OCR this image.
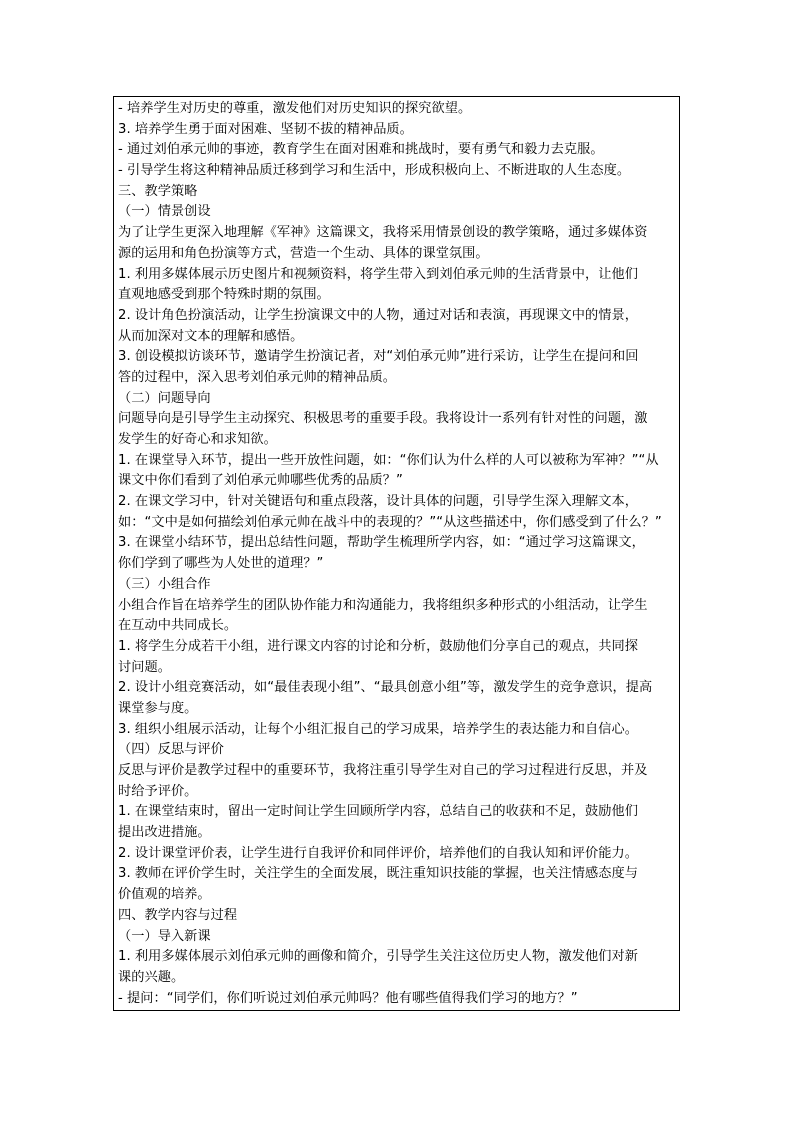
- 培养学生对历史的尊重，激发他们对历史知识的探究欲望。
3. 培养学生勇于面对困难、坚韧不拔的精神品质。
- 通过刘伯承元帅的事迹，教育学生在面对困难和挑战时，要有勇气和毅力去克服。
- 引导学生将这种精神品质迁移到学习和生活中，形成积极向上、不断进取的人生态度。
三、教学策略
（一）情景创设
为了让学生更深入地理解《军神》这篇课文，我将采用情景创设的教学策略，通过多媒体资
源的运用和角色扮演等方式，营造一个生动、具体的课堂氛围。
1. 利用多媒体展示历史图片和视频资料，将学生带入到刘伯承元帅的生活背景中，让他们
直观地感受到那个特殊时期的氛围。
2. 设计角色扮演活动，让学生扮演课文中的人物，通过对话和表演，再现课文中的情景，
从而加深对文本的理解和感悟。
3. 创设模拟访谈环节，邀请学生扮演记者，对“刘伯承元帅”进行采访，让学生在提问和回
答的过程中，深入思考刘伯承元帅的精神品质。
（二）问题导向
问题导向是引导学生主动探究、积极思考的重要手段。我将设计一系列有针对性的问题，激
发学生的好奇心和求知欲。
1. 在课堂导入环节，提出一些开放性问题，如：“你们认为什么样的人可以被称为军神？”“从
课文中你们看到了刘伯承元帅哪些优秀的品质？”
2. 在课文学习中，针对关键语句和重点段落，设计具体的问题，引导学生深入理解文本，
如：“文中是如何描绘刘伯承元帅在战斗中的表现的？”“从这些描述中，你们感受到了什么？”
3. 在课堂小结环节，提出总结性问题，帮助学生梳理所学内容，如：“通过学习这篇课文，
你们学到了哪些为人处世的道理？”
（三）小组合作
小组合作旨在培养学生的团队协作能力和沟通能力，我将组织多种形式的小组活动，让学生
在互动中共同成长。
1. 将学生分成若干小组，进行课文内容的讨论和分析，鼓励他们分享自己的观点，共同探
讨问题。
2. 设计小组竞赛活动，如“最佳表现小组”、“最具创意小组”等，激发学生的竞争意识，提高
课堂参与度。
3. 组织小组展示活动，让每个小组汇报自己的学习成果，培养学生的表达能力和自信心。
（四）反思与评价
反思与评价是教学过程中的重要环节，我将注重引导学生对自己的学习过程进行反思，并及
时给予评价。
1. 在课堂结束时，留出一定时间让学生回顾所学内容，总结自己的收获和不足，鼓励他们
提出改进措施。
2. 设计课堂评价表，让学生进行自我评价和同伴评价，培养他们的自我认知和评价能力。
3. 教师在评价学生时，关注学生的全面发展，既注重知识技能的掌握，也关注情感态度与
价值观的培养。
四、教学内容与过程
（一）导入新课
1. 利用多媒体展示刘伯承元帅的画像和简介，引导学生关注这位历史人物，激发他们对新
课的兴趣。
- 提问：“同学们，你们听说过刘伯承元帅吗？他有哪些值得我们学习的地方？”
